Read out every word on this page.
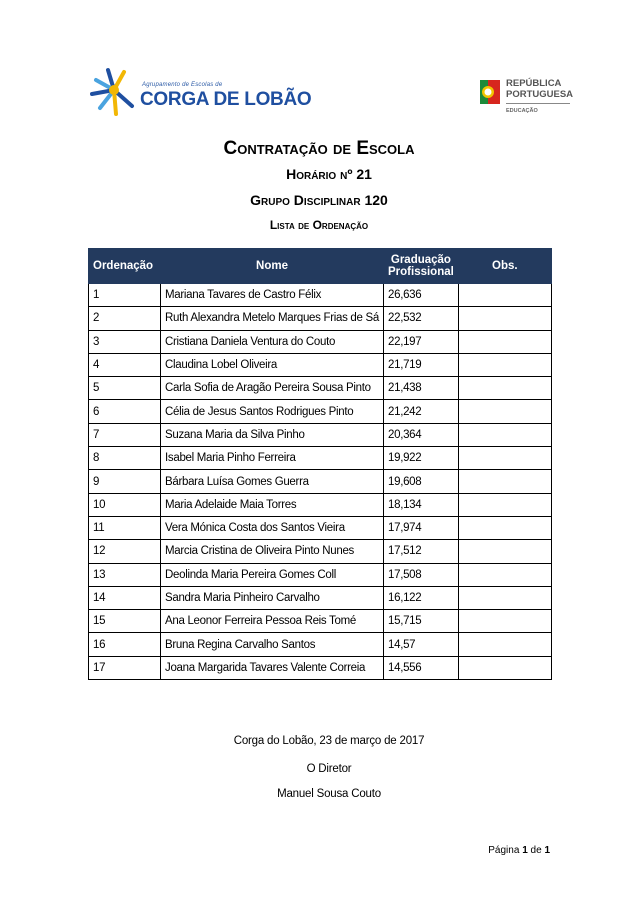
Agrupamento de Escolas de
CORGA DE LOBÃO
REPÚBLICA
PORTUGUESA
EDUCAÇÃO
Contratação de Escola
Horário nº 21
Grupo Disciplinar 120
Lista de Ordenação
Ordenação	Nome	Graduação Profissional	Obs.
1	Mariana Tavares de Castro Félix	26,636	
2	Ruth Alexandra Metelo Marques Frias de Sá	22,532	
3	Cristiana Daniela Ventura do Couto	22,197	
4	Claudina Lobel Oliveira	21,719	
5	Carla Sofia de Aragão Pereira Sousa Pinto	21,438	
6	Célia de Jesus Santos Rodrigues Pinto	21,242	
7	Suzana Maria da Silva Pinho	20,364	
8	Isabel Maria Pinho Ferreira	19,922	
9	Bárbara Luísa Gomes Guerra	19,608	
10	Maria Adelaide Maia Torres	18,134	
11	Vera Mónica Costa dos Santos Vieira	17,974	
12	Marcia Cristina de Oliveira Pinto Nunes	17,512	
13	Deolinda Maria Pereira Gomes Coll	17,508	
14	Sandra Maria Pinheiro Carvalho	16,122	
15	Ana Leonor Ferreira Pessoa Reis Tomé	15,715	
16	Bruna Regina Carvalho Santos	14,57	
17	Joana Margarida Tavares Valente Correia	14,556	
Corga do Lobão, 23 de março de 2017
O Diretor
Manuel Sousa Couto
Página 1 de 1
